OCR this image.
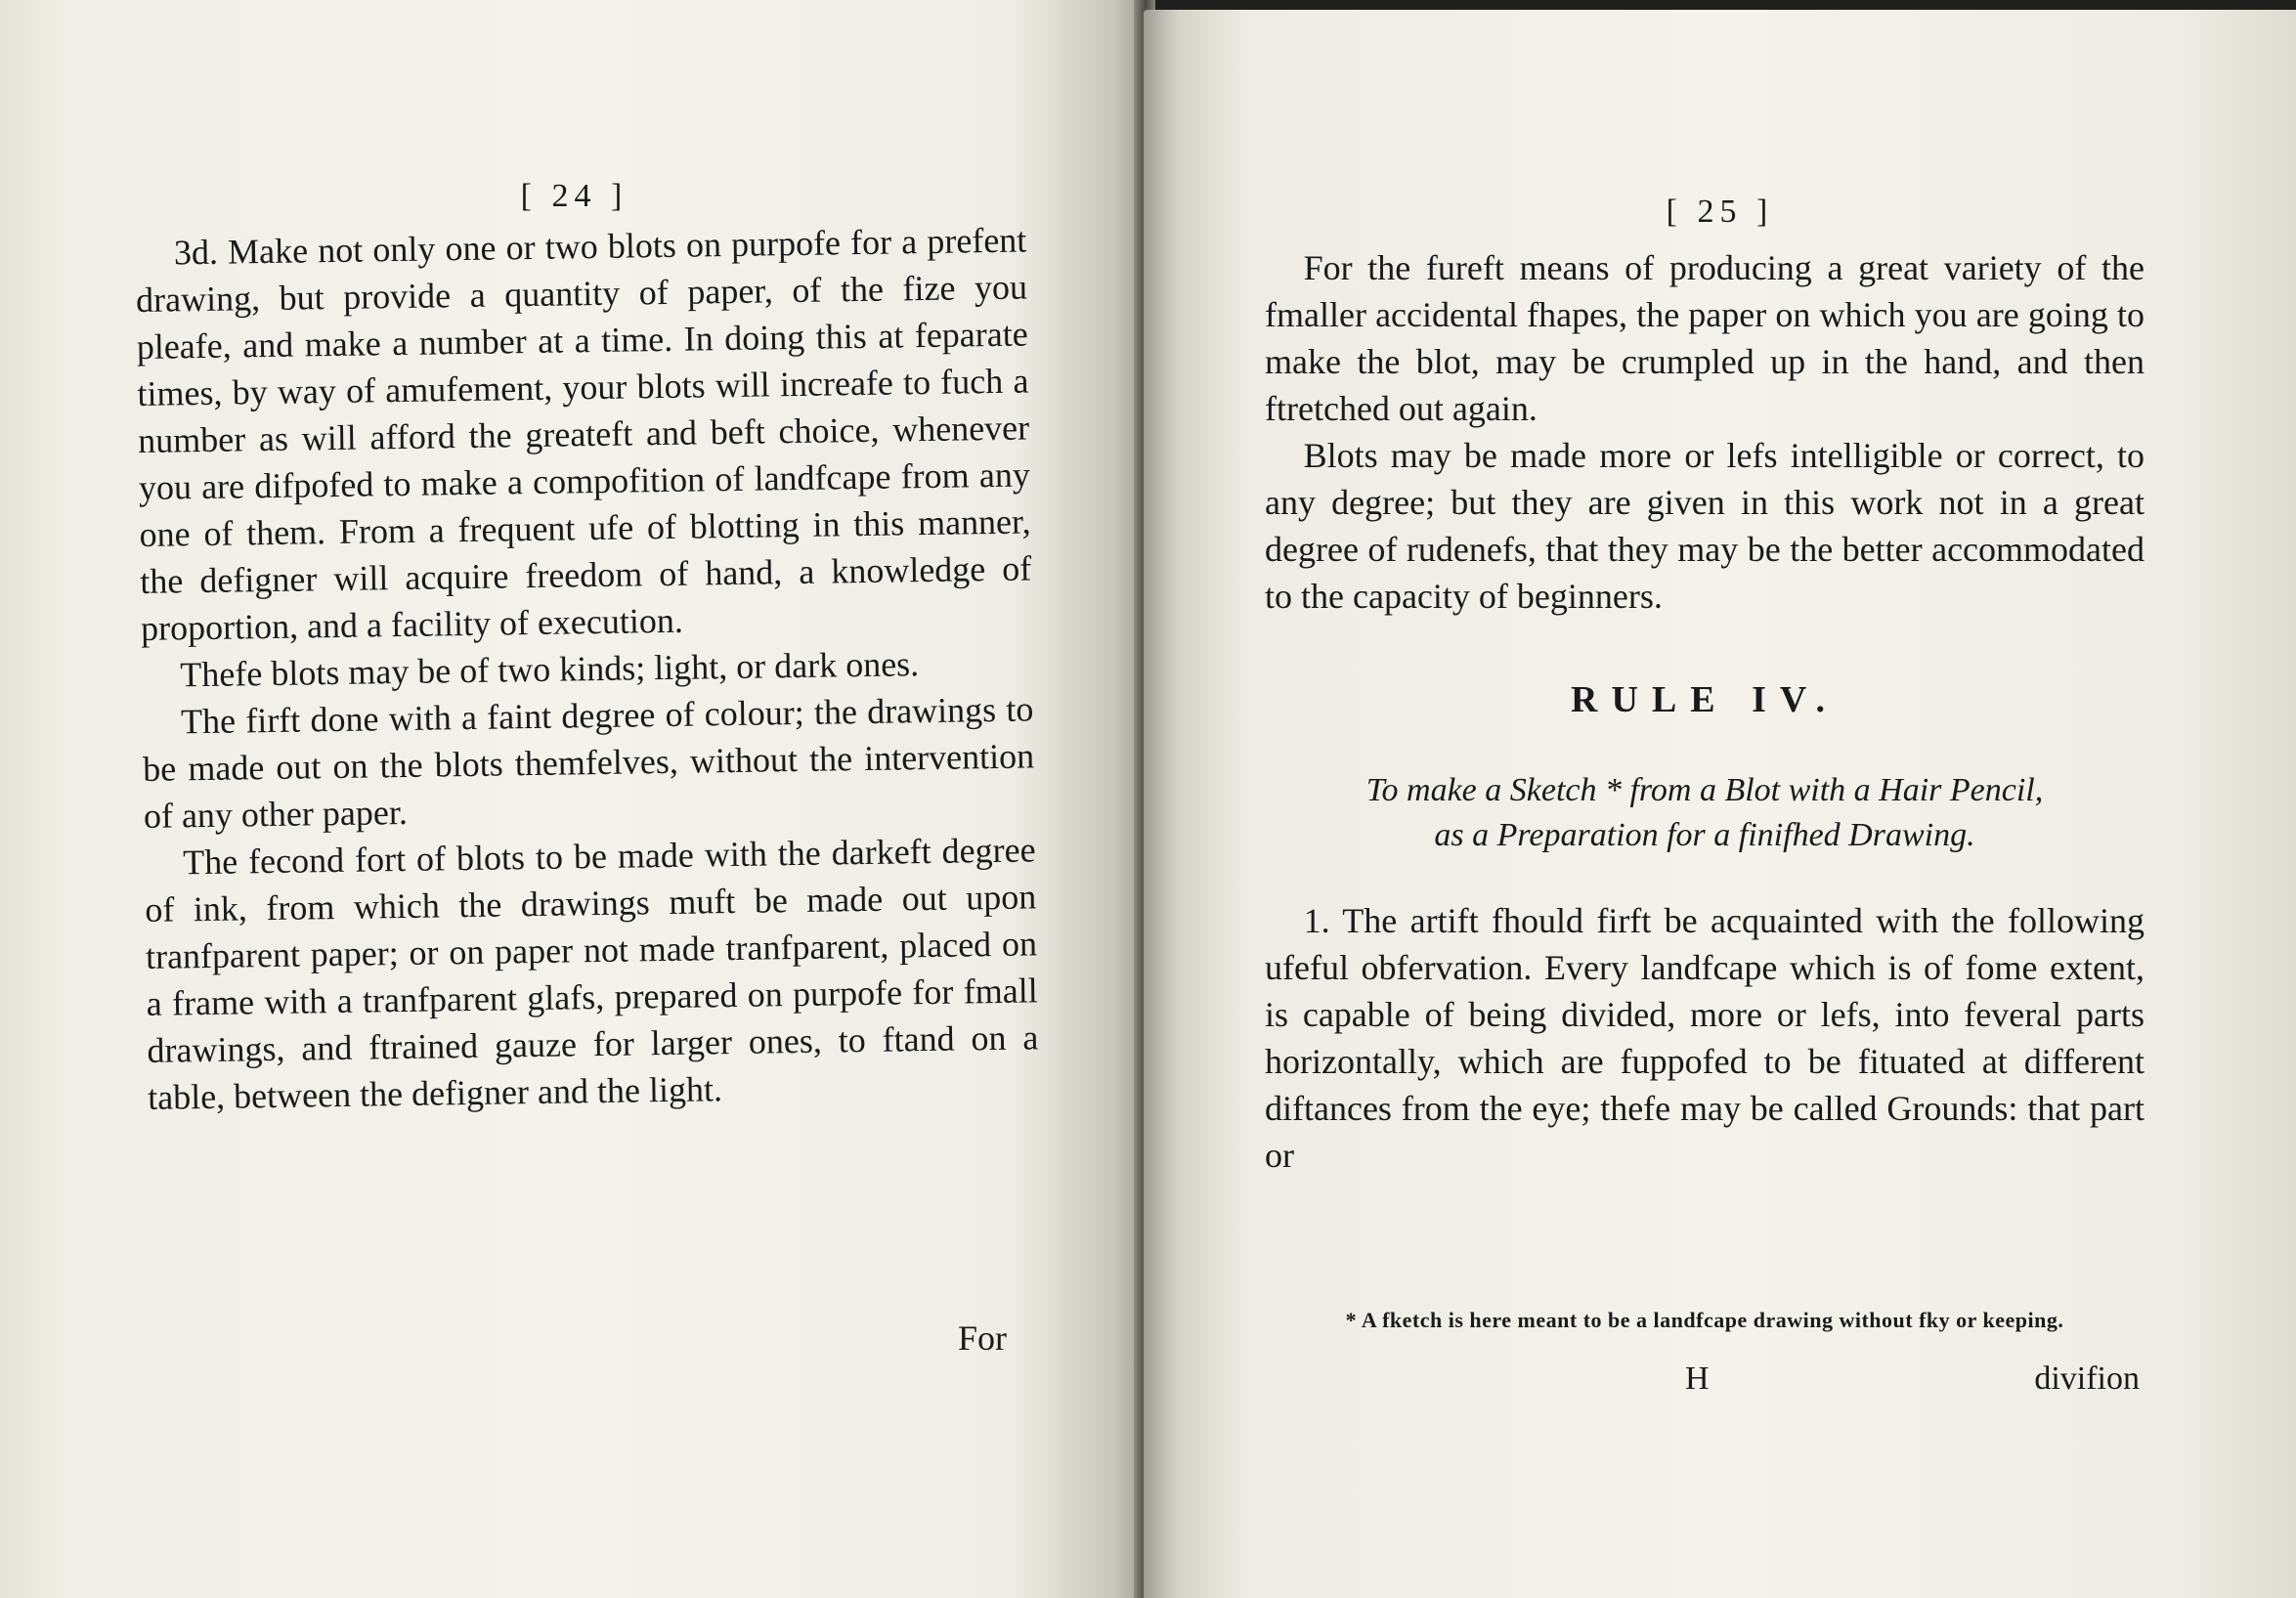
[ 24 ]

3d. Make not only one or two blots on purpofe for a prefent drawing, but provide a quantity of paper, of the fize you pleafe, and make a number at a time. In doing this at feparate times, by way of amufement, your blots will increafe to fuch a number as will afford the greateft and beft choice, whenever you are difpofed to make a compofition of landfcape from any one of them. From a frequent ufe of blotting in this manner, the defigner will acquire freedom of hand, a knowledge of proportion, and a facility of execution.

Thefe blots may be of two kinds; light, or dark ones.

The firft done with a faint degree of colour; the drawings to be made out on the blots themfelves, without the intervention of any other paper.

The fecond fort of blots to be made with the darkeft degree of ink, from which the drawings muft be made out upon tranfparent paper; or on paper not made tranfparent, placed on a frame with a tranfparent glafs, prepared on purpofe for fmall drawings, and ftrained gauze for larger ones, to ftand on a table, between the defigner and the light.

For
[ 25 ]

For the fureft means of producing a great variety of the fmaller accidental fhapes, the paper on which you are going to make the blot, may be crumpled up in the hand, and then ftretched out again.

Blots may be made more or lefs intelligible or correct, to any degree; but they are given in this work not in a great degree of rudenefs, that they may be the better accommodated to the capacity of beginners.

RULE IV.
To make a Sketch * from a Blot with a Hair Pencil,
as a Preparation for a finifhed Drawing.

1. The artift fhould firft be acquainted with the following ufeful obfervation. Every landfcape which is of fome extent, is capable of being divided, more or lefs, into feveral parts horizontally, which are fuppofed to be fituated at different diftances from the eye; thefe may be called Grounds: that part or

* A fketch is here meant to be a landfcape drawing without fky or keeping.
H	divifion
